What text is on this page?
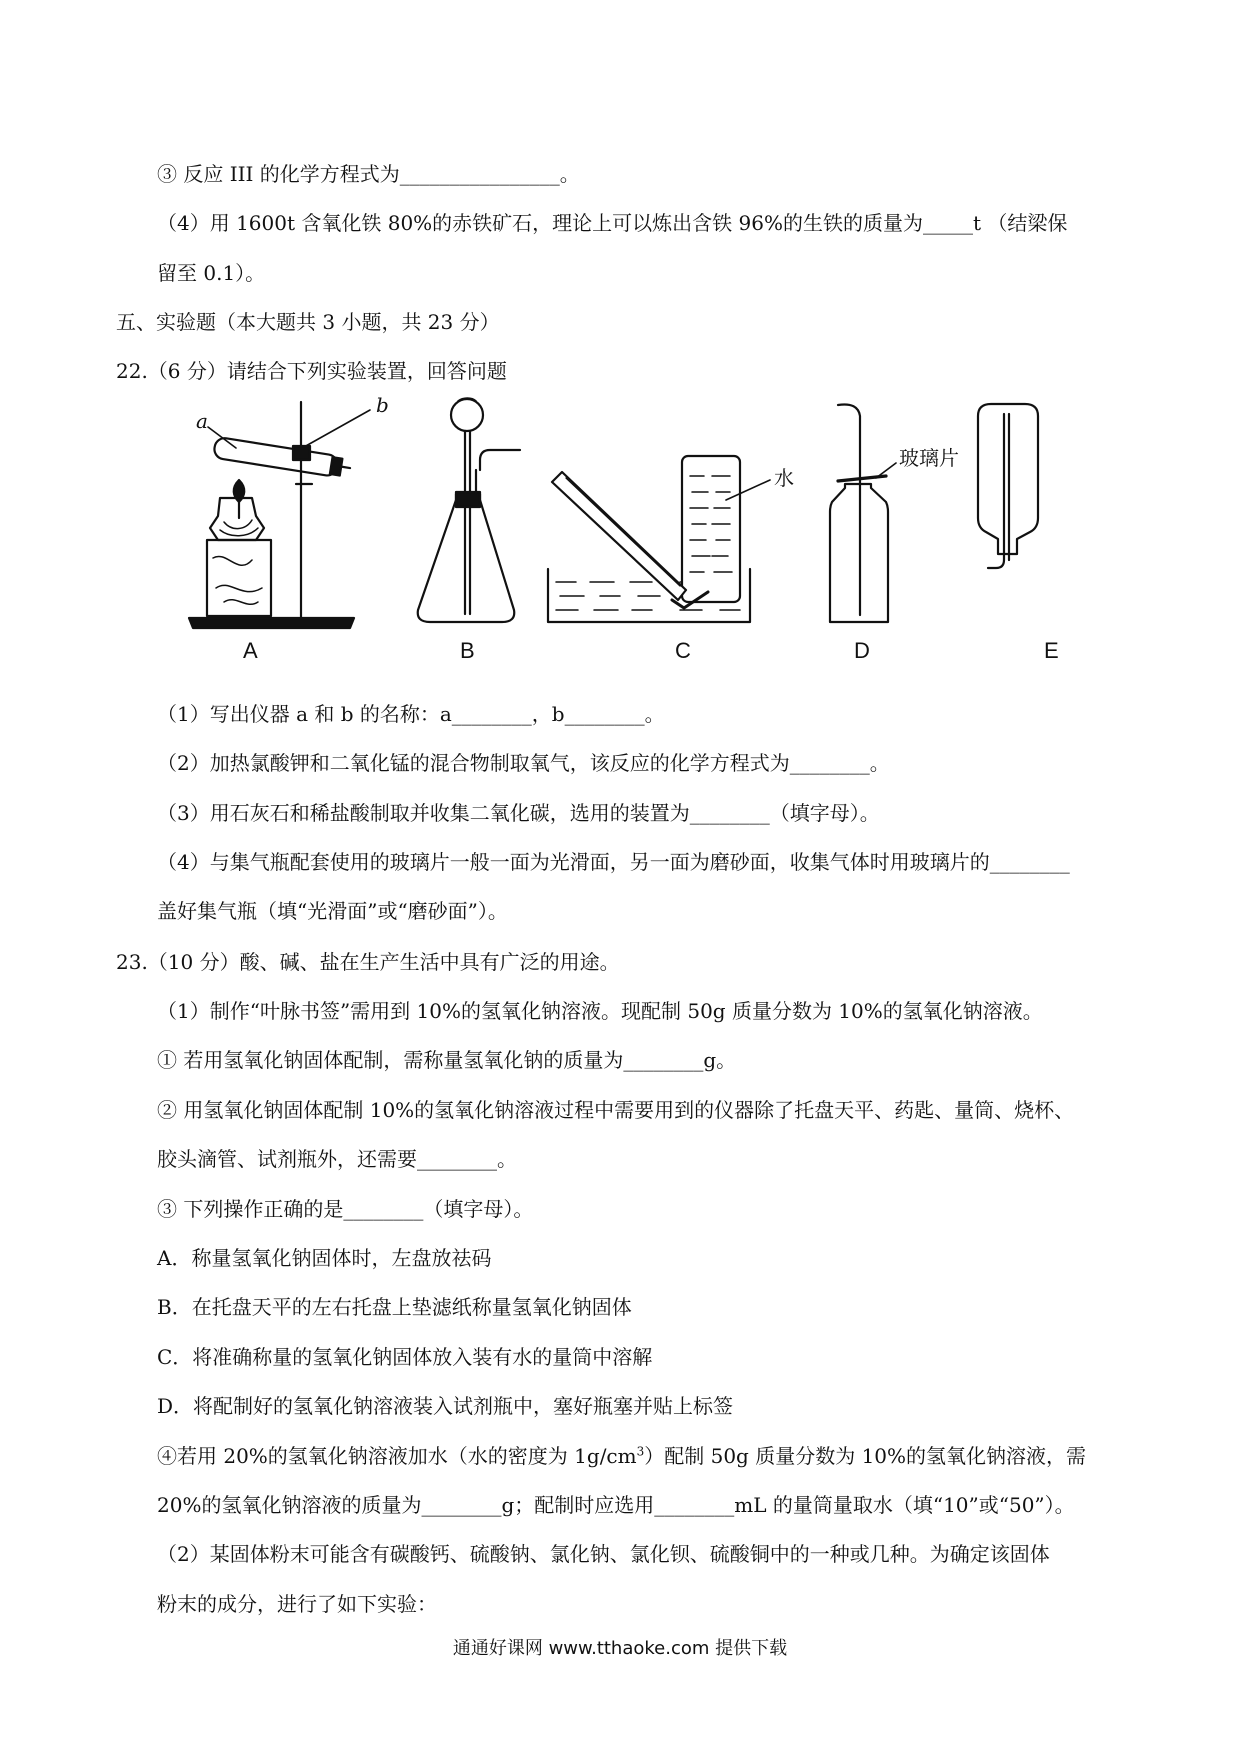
③ 反应 III 的化学方程式为________________。
（4）用 1600t 含氧化铁 80%的赤铁矿石，理论上可以炼出含铁 96%的生铁的质量为_____t （结梁保
留至 0.1）。
五、实验题（本大题共 3 小题，共 23 分）
22.（6 分）请结合下列实验装置，回答问题
a
b
水
玻璃片
A	B	C	D	E
（1）写出仪器 a 和 b 的名称：a________，b________。
（2）加热氯酸钾和二氧化锰的混合物制取氧气，该反应的化学方程式为________。
（3）用石灰石和稀盐酸制取并收集二氧化碳，选用的装置为________（填字母）。
（4）与集气瓶配套使用的玻璃片一般一面为光滑面，另一面为磨砂面，收集气体时用玻璃片的________
盖好集气瓶（填“光滑面”或“磨砂面”）。
23.（10 分）酸、碱、盐在生产生活中具有广泛的用途。
（1）制作“叶脉书签”需用到 10%的氢氧化钠溶液。现配制 50g 质量分数为 10%的氢氧化钠溶液。
① 若用氢氧化钠固体配制，需称量氢氧化钠的质量为________g。
② 用氢氧化钠固体配制 10%的氢氧化钠溶液过程中需要用到的仪器除了托盘天平、药匙、量筒、烧杯、
胶头滴管、试剂瓶外，还需要________。
③ 下列操作正确的是________（填字母）。
A．称量氢氧化钠固体时，左盘放祛码
B．在托盘天平的左右托盘上垫滤纸称量氢氧化钠固体
C．将准确称量的氢氧化钠固体放入装有水的量筒中溶解
D．将配制好的氢氧化钠溶液装入试剂瓶中，塞好瓶塞并贴上标签
④若用 20%的氢氧化钠溶液加水（水的密度为 $1g/cm^3$）配制 50g 质量分数为 10%的氢氧化钠溶液，需
20%的氢氧化钠溶液的质量为________g；配制时应选用________mL 的量筒量取水（填“10”或“50”）。
（2）某固体粉末可能含有碳酸钙、硫酸钠、氯化钠、氯化钡、硫酸铜中的一种或几种。为确定该固体
粉末的成分，进行了如下实验：
通通好课网 www.tthaoke.com 提供下载
